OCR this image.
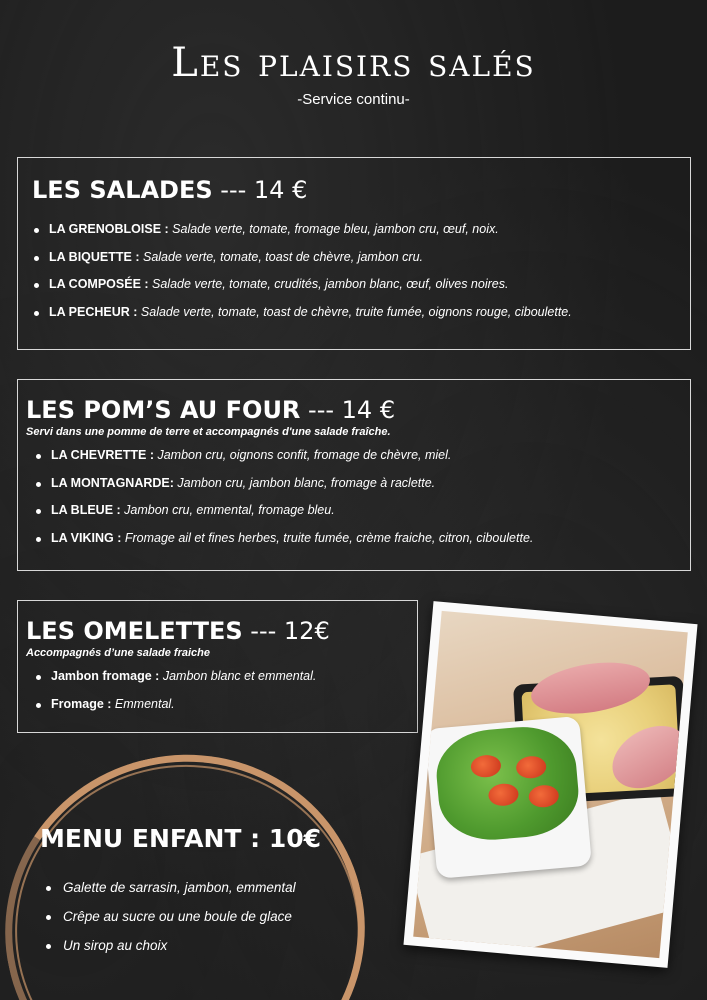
Les plaisirs salés
-Service continu-
LES SALADES --- 14 €
LA GRENOBLOISE : Salade verte, tomate, fromage bleu, jambon cru, œuf, noix.
LA BIQUETTE : Salade verte, tomate, toast de chèvre, jambon cru.
LA COMPOSÉE : Salade verte, tomate, crudités, jambon blanc, œuf, olives noires.
LA PECHEUR : Salade verte, tomate, toast de chèvre, truite fumée, oignons rouge, ciboulette.
LES POM’S AU FOUR --- 14 €
Servi dans une pomme de terre et accompagnés d'une salade fraîche.
LA CHEVRETTE : Jambon cru, oignons confit, fromage de chèvre, miel.
LA MONTAGNARDE: Jambon cru, jambon blanc, fromage à raclette.
LA BLEUE : Jambon cru, emmental, fromage bleu.
LA VIKING : Fromage ail et fines herbes, truite fumée, crème fraiche, citron, ciboulette.
LES OMELETTES --- 12€
Accompagnés d’une salade fraiche
Jambon fromage : Jambon blanc et emmental.
Fromage : Emmental.
MENU ENFANT : 10€
Galette de sarrasin, jambon, emmental
Crêpe au sucre ou une boule de glace
Un sirop au choix
